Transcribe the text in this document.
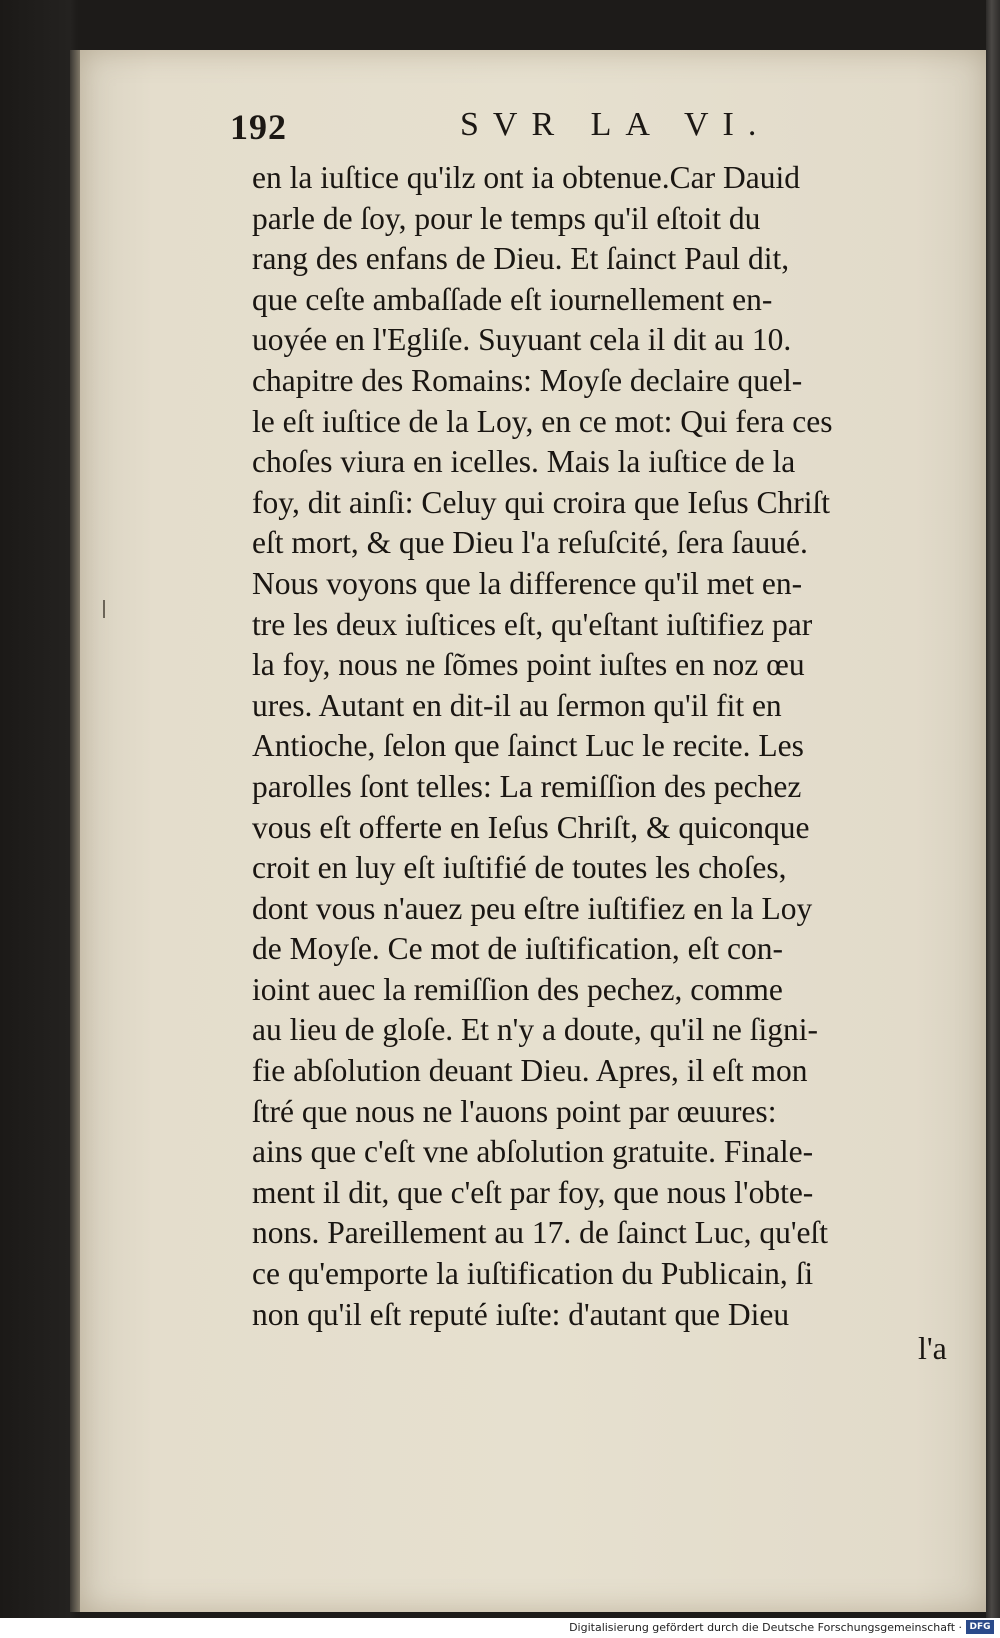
192	SVR LA VI.
en la iuſtice qu'ilz ont ia obtenue.Car Dauid
parle de ſoy, pour le temps qu'il eſtoit du
rang des enfans de Dieu. Et ſainct Paul dit,
que ceſte ambaſſade eſt iournellement en-
uoyée en l'Egliſe. Suyuant cela il dit au 10.
chapitre des Romains: Moyſe declaire quel-
le eſt iuſtice de la Loy, en ce mot: Qui fera ces
choſes viura en icelles. Mais la iuſtice de la
foy, dit ainſi: Celuy qui croira que Ieſus Chriſt
eſt mort, & que Dieu l'a reſuſcité, ſera ſauué.
Nous voyons que la difference qu'il met en-
tre les deux iuſtices eſt, qu'eſtant iuſtifiez par
la foy, nous ne ſõmes point iuſtes en noz œu
ures. Autant en dit-il au ſermon qu'il fit en
Antioche, ſelon que ſainct Luc le recite. Les
parolles ſont telles: La remiſſion des pechez
vous eſt offerte en Ieſus Chriſt, & quiconque
croit en luy eſt iuſtifié de toutes les choſes,
dont vous n'auez peu eſtre iuſtifiez en la Loy
de Moyſe. Ce mot de iuſtification, eſt con-
ioint auec la remiſſion des pechez, comme
au lieu de gloſe. Et n'y a doute, qu'il ne ſigni-
fie abſolution deuant Dieu. Apres, il eſt mon
ſtré que nous ne l'auons point par œuures:
ains que c'eſt vne abſolution gratuite. Finale-
ment il dit, que c'eſt par foy, que nous l'obte-
nons. Pareillement au 17. de ſainct Luc, qu'eſt
ce qu'emporte la iuſtification du Publicain, ſi
non qu'il eſt reputé iuſte: d'autant que Dieu
l'a
Digitalisierung gefördert durch die Deutsche Forschungsgemeinschaft · DFG
